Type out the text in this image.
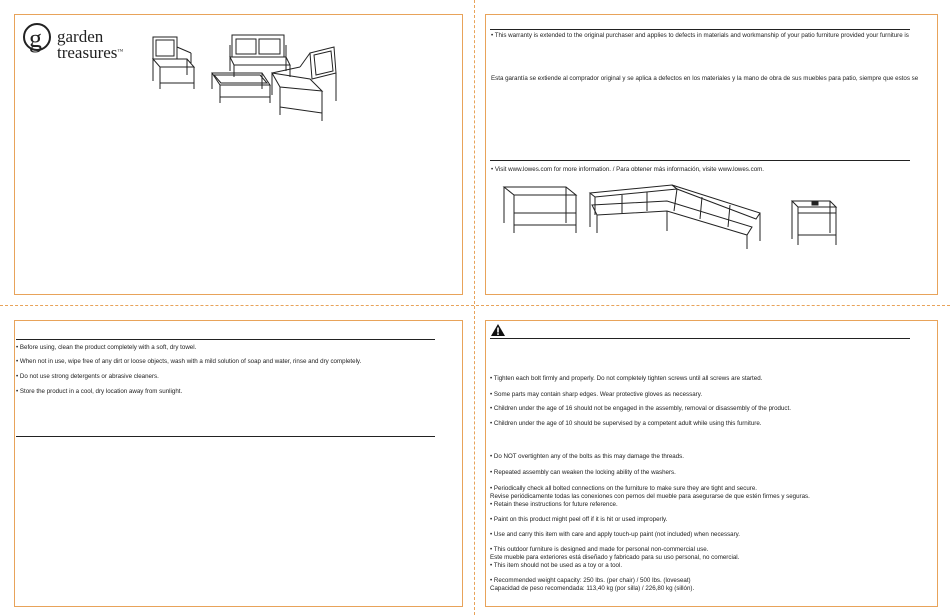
g garden
treasures™
• This warranty is extended to the original purchaser and applies to defects in materials and workmanship of your patio furniture provided your furniture is
Esta garantía se extiende al comprador original y se aplica a defectos en los materiales y la mano de obra de sus muebles para patio, siempre que estos se
• Visit www.lowes.com for more information. / Para obtener más información, visite www.lowes.com.
• Before using, clean the product completely with a soft, dry towel.
• When not in use, wipe free of any dirt or loose objects, wash with a mild solution of soap and water, rinse and dry completely.
• Do not use strong detergents or abrasive cleaners.
• Store the product in a cool, dry location away from sunlight.
• Tighten each bolt firmly and properly. Do not completely tighten screws until all screws are started.
• Some parts may contain sharp edges. Wear protective gloves as necessary.
• Children under the age of 16 should not be engaged in the assembly, removal or disassembly of the product.
• Children under the age of 10 should be supervised by a competent adult while using this furniture.
• Do NOT overtighten any of the bolts as this may damage the threads.
• Repeated assembly can weaken the locking ability of the washers.
• Periodically check all bolted connections on the furniture to make sure they are tight and secure.
Revise periódicamente todas las conexiones con pernos del mueble para asegurarse de que estén firmes y seguras.
• Retain these instructions for future reference.
• Paint on this product might peel off if it is hit or used improperly.
• Use and carry this item with care and apply touch-up paint (not included) when necessary.
• This outdoor furniture is designed and made for personal non-commercial use.
Este mueble para exteriores está diseñado y fabricado para su uso personal, no comercial.
• This item should not be used as a toy or a tool.
• Recommended weight capacity: 250 lbs. (per chair) / 500 lbs. (loveseat)
Capacidad de peso recomendada: 113,40 kg (por silla) / 226,80 kg (sillón).
